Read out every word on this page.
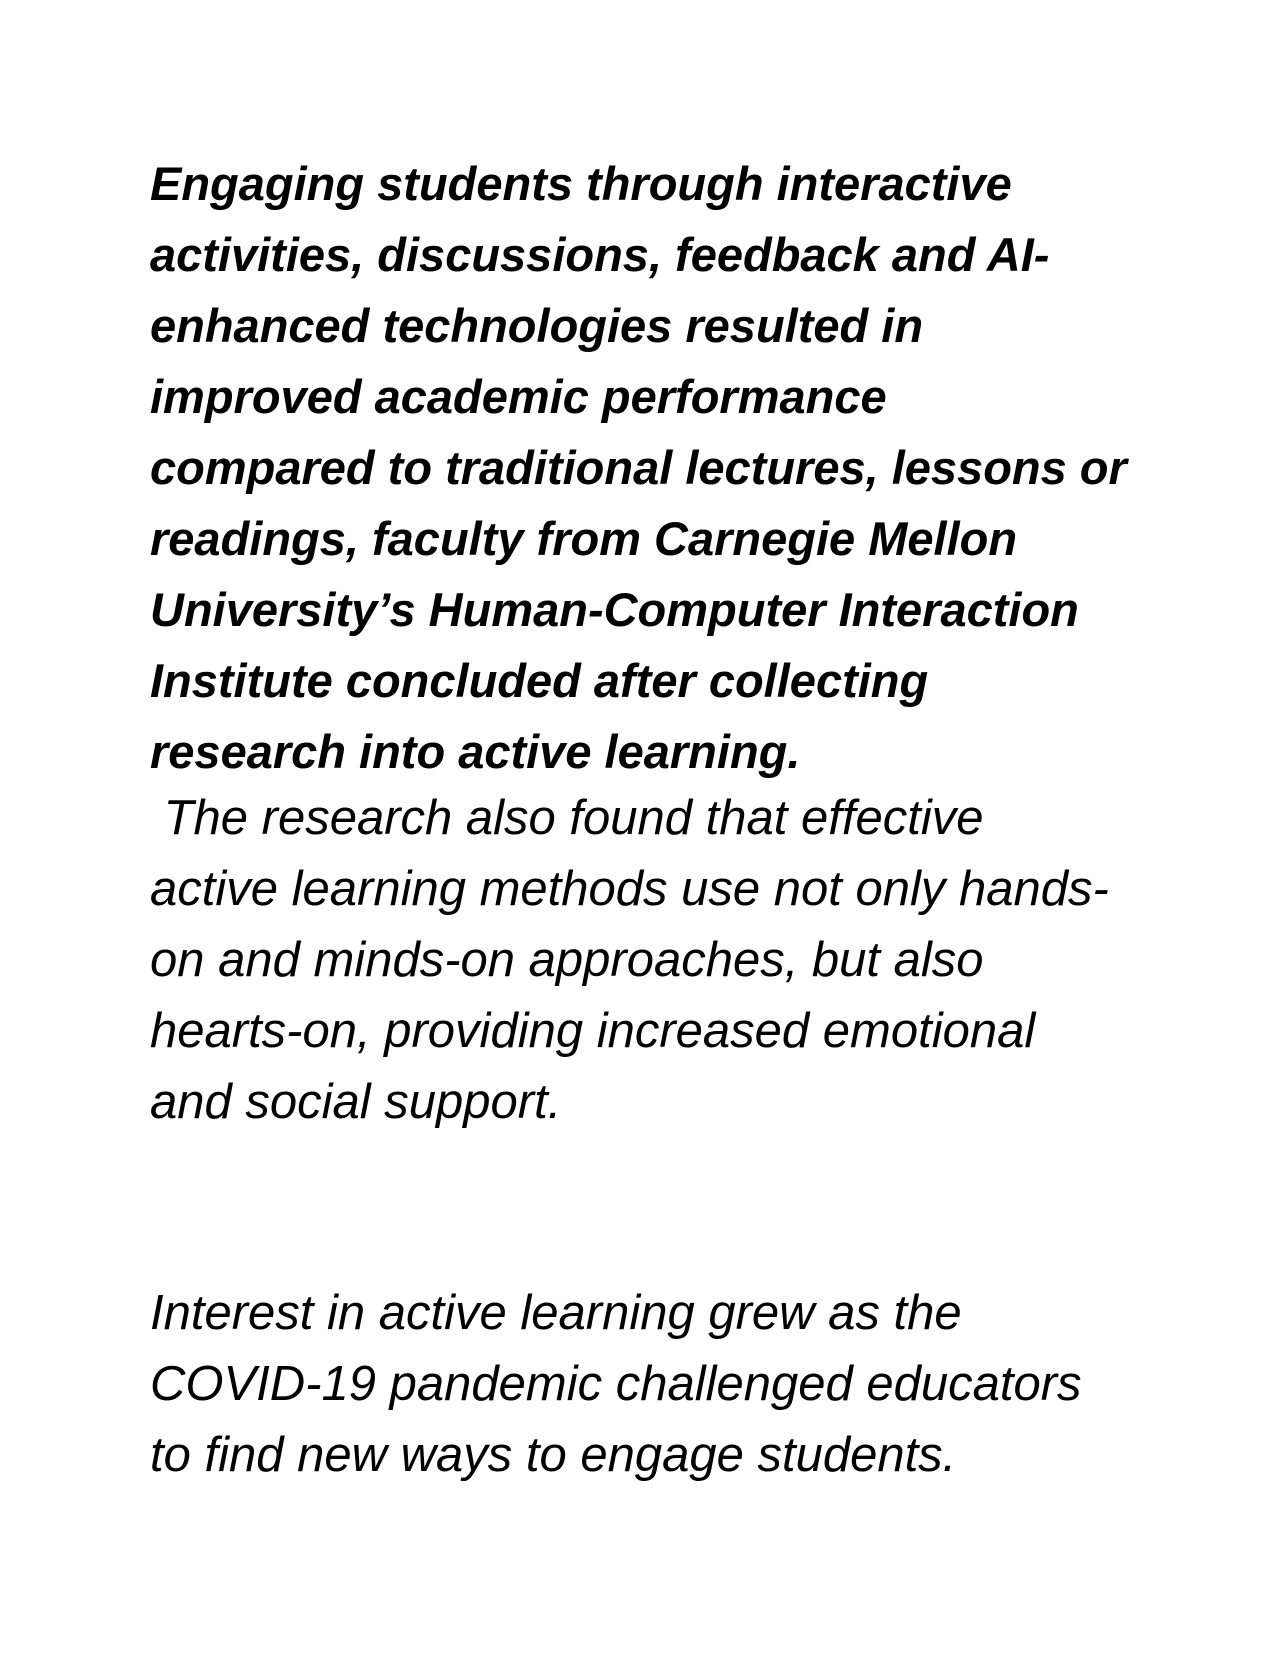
Engaging students through interactive
activities, discussions, feedback and AI-
enhanced technologies resulted in
improved academic performance
compared to traditional lectures, lessons or
readings, faculty from Carnegie Mellon
University’s Human-Computer Interaction
Institute concluded after collecting
research into active learning.
The research also found that effective
active learning methods use not only hands-
on and minds-on approaches, but also
hearts-on, providing increased emotional
and social support.
Interest in active learning grew as the
COVID-19 pandemic challenged educators
to find new ways to engage students.
